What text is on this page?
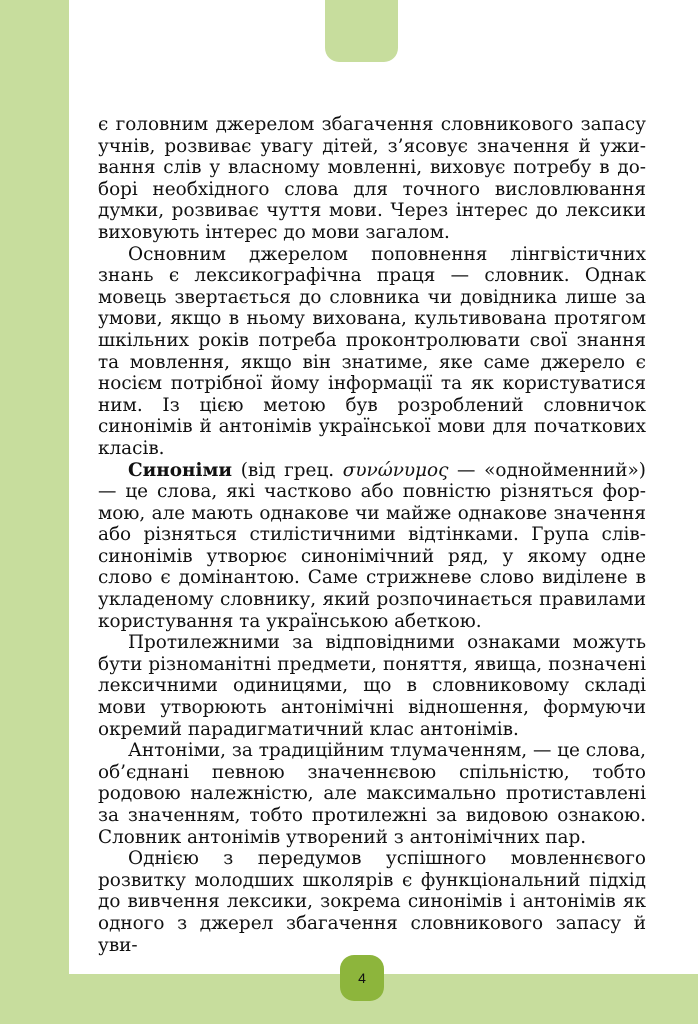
є головним джерелом збагачення словникового запасу учнів, розвиває увагу дітей, з’ясовує значення й уживання слів у власному мовленні, виховує потребу в доборі необхідного слова для точного висловлювання думки, розвиває чуття мови. Через інтерес до лексики виховують інтерес до мови загалом.

Основним джерелом поповнення лінгвістичних знань є лексикографічна праця — словник. Однак мовець звертається до словника чи довідника лише за умови, якщо в ньому вихована, культивована протягом шкільних років потреба проконтролювати свої знання та мовлення, якщо він знатиме, яке саме джерело є носієм потрібної йому інформації та як користуватися ним. Із цією метою був розроблений словничок синонімів й антонімів української мови для початкових класів.

Синоніми (від грец. συνώνυμος — «однойменний») — це слова, які частково або повністю різняться формою, але мають однакове чи майже однакове значення або різняться стилістичними відтінками. Група слів-синонімів утворює синонімічний ряд, у якому одне слово є домінантою. Саме стрижневе слово виділене в укладеному словнику, який розпочинається правилами користування та українською абеткою.

Протилежними за відповідними ознаками можуть бути різноманітні предмети, поняття, явища, позначені лексичними одиницями, що в словниковому складі мови утворюють антонімічні відношення, формуючи окремий парадигматичний клас антонімів.

Антоніми, за традиційним тлумаченням, — це слова, об’єднані певною значеннєвою спільністю, тобто родовою належністю, але максимально протиставлені за значенням, тобто протилежні за видовою ознакою. Словник антонімів утворений з антонімічних пар.

Однією з передумов успішного мовленнєвого розвитку молодших школярів є функціональний підхід до вивчення лексики, зокрема синонімів і антонімів як одного з джерел збагачення словникового запасу й уви-

4
